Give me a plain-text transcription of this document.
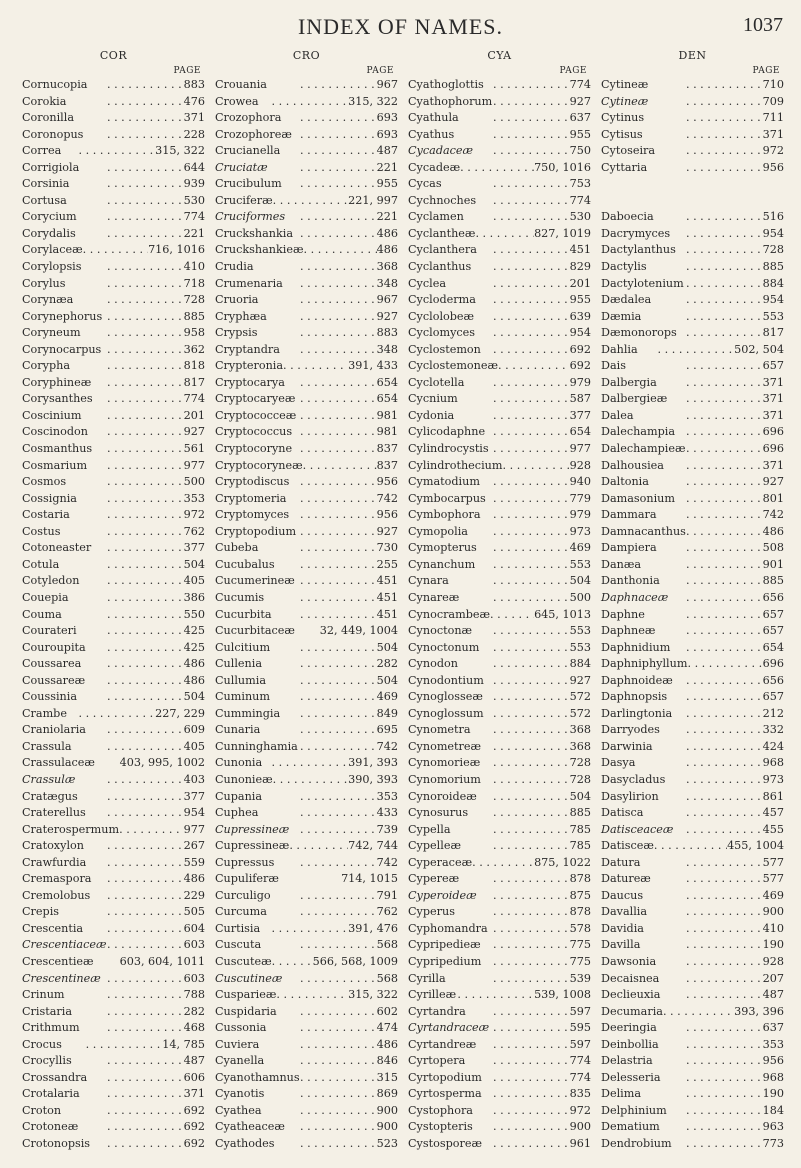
INDEX OF NAMES.	1037
COR
PAGE
Cornucopia .	883
Corokia .	476
Coronilla .	371
Coronopus .	228
Correa .	315, 322
Corrigiola .	644
Corsinia .	939
Cortusa .	530
Corycium .	774
Corydalis .	221
Corylaceæ .	716, 1016
Corylopsis .	410
Corylus .	718
Corynæa .	728
Corynephorus .	885
Coryneum .	958
Corynocarpus .	362
Corypha .	818
Coryphineæ .	817
Corysanthes .	774
Coscinium .	201
Coscinodon .	927
Cosmanthus .	561
Cosmarium .	977
Cosmos .	500
Cossignia .	353
Costaria .	972
Costus .	762
Cotoneaster .	377
Cotula .	504
Cotyledon .	405
Couepia .	386
Couma .	550
Courateri .	425
Couroupita .	425
Coussarea .	486
Coussareæ .	486
Coussinia .	504
Crambe .	227, 229
Craniolaria .	609
Crassula .	405
Crassulaceæ 403, 995, 1002
Crassulæ .	403
Cratægus .	377
Craterellus .	954
Craterospermum .	977
Cratoxylon .	267
Crawfurdia .	559
Cremaspora .	486
Cremolobus .	229
Crepis .	505
Crescentia .	604
Crescentiaceæ .	603
Crescentieæ 603, 604, 1011
Crescentineæ .	603
Crinum .	788
Cristaria .	282
Crithmum .	468
Crocus .	14, 785
Crocyllis .	487
Crossandra .	606
Crotalaria .	371
Croton .	692
Crotoneæ .	692
Crotonopsis .	692
CRO
PAGE
Crouania .	967
Crowea .	315, 322
Crozophora .	693
Crozophoreæ .	693
Crucianella .	487
Cruciatæ .	221
Crucibulum .	955
Cruciferæ .	221, 997
Cruciformes .	221
Cruckshankia .	486
Cruckshankieæ .	486
Crudia .	368
Crumenaria .	348
Cruoria .	967
Cryphæa .	927
Crypsis .	883
Cryptandra .	348
Crypteronia .	391, 433
Cryptocarya .	654
Cryptocaryeæ .	654
Cryptococceæ .	981
Cryptococcus .	981
Cryptocoryne .	837
Cryptocoryneæ .	837
Cryptodiscus .	956
Cryptomeria .	742
Cryptomyces .	956
Cryptopodium .	927
Cubeba .	730
Cucubalus .	255
Cucumerineæ .	451
Cucumis .	451
Cucurbita .	451
Cucurbitaceæ 32, 449, 1004
Culcitium .	504
Cullenia .	282
Cullumia .	504
Cuminum .	469
Cummingia .	849
Cunaria .	695
Cunninghamia .	742
Cunonia .	391, 393
Cunonieæ .	390, 393
Cupania .	353
Cuphea .	433
Cupressineæ .	739
Cupressineæ .	742, 744
Cupressus .	742
Cupuliferæ	714, 1015
Curculigo .	791
Curcuma .	762
Curtisia .	391, 476
Cuscuta .	568
Cuscuteæ .	566, 568, 1009
Cuscutineæ .	568
Cusparieæ .	315, 322
Cuspidaria .	602
Cussonia .	474
Cuviera .	486
Cyanella .	846
Cyanothamnus .	315
Cyanotis .	869
Cyathea .	900
Cyatheaceæ .	900
Cyathodes .	523
CYA
PAGE
Cyathoglottis .	774
Cyathophorum .	927
Cyathula .	637
Cyathus .	955
Cycadaceæ .	750
Cycadeæ .	750, 1016
Cycas .	753
Cychnoches .	774
Cyclamen .	530
Cyclantheæ .	827, 1019
Cyclanthera .	451
Cyclanthus .	829
Cyclea .	201
Cycloderma .	955
Cyclolobeæ .	639
Cyclomyces .	954
Cyclostemon .	692
Cyclostemoneæ .	692
Cyclotella .	979
Cycnium .	587
Cydonia .	377
Cylicodaphne .	654
Cylindrocystis .	977
Cylindrothecium .	928
Cymatodium .	940
Cymbocarpus .	779
Cymbophora .	979
Cymopolia .	973
Cymopterus .	469
Cynanchum .	553
Cynara .	504
Cynareæ .	500
Cynocrambeæ .	645, 1013
Cynoctonæ .	553
Cynoctonum .	553
Cynodon .	884
Cynodontium .	927
Cynoglosseæ .	572
Cynoglossum .	572
Cynometra .	368
Cynometreæ .	368
Cynomorieæ .	728
Cynomorium .	728
Cynoroideæ .	504
Cynosurus .	885
Cypella .	785
Cypelleæ .	785
Cyperaceæ .	875, 1022
Cypereæ .	878
Cyperoideæ .	875
Cyperus .	878
Cyphomandra .	578
Cypripedieæ .	775
Cypripedium .	775
Cyrilla .	539
Cyrilleæ .	539, 1008
Cyrtandra .	597
Cyrtandraceæ .	595
Cyrtandreæ .	597
Cyrtopera .	774
Cyrtopodium .	774
Cyrtosperma .	835
Cystophora .	972
Cystopteris .	900
Cystosporeæ .	961
DEN
PAGE
Cytineæ .	710
Cytineæ .	709
Cytinus .	711
Cytisus .	371
Cytoseira .	972
Cyttaria .	956
Daboecia .	516
Dacrymyces .	954
Dactylanthus .	728
Dactylis .	885
Dactylotenium .	884
Dædalea .	954
Dæmia .	553
Dæmonorops .	817
Dahlia .	502, 504
Dais .	657
Dalbergia .	371
Dalbergieæ .	371
Dalea .	371
Dalechampia .	696
Dalechampieæ .	696
Dalhousiea .	371
Daltonia .	927
Damasonium .	801
Dammara .	742
Damnacanthus .	486
Dampiera .	508
Danæa .	901
Danthonia .	885
Daphnaceæ .	656
Daphne .	657
Daphneæ .	657
Daphnidium .	654
Daphniphyllum .	696
Daphnoideæ .	656
Daphnopsis .	657
Darlingtonia .	212
Darryodes .	332
Darwinia .	424
Dasya .	968
Dasycladus .	973
Dasylirion .	861
Datisca .	457
Datisceaceæ .	455
Datisceæ .	455, 1004
Datura .	577
Datureæ .	577
Daucus .	469
Davallia .	900
Davidia .	410
Davilla .	190
Dawsonia .	928
Decaisnea .	207
Declieuxia .	487
Decumaria .	393, 396
Deeringia .	637
Deinbollia .	353
Delastria .	956
Delesseria .	968
Delima .	190
Delphinium .	184
Dematium .	963
Dendrobium .	773
